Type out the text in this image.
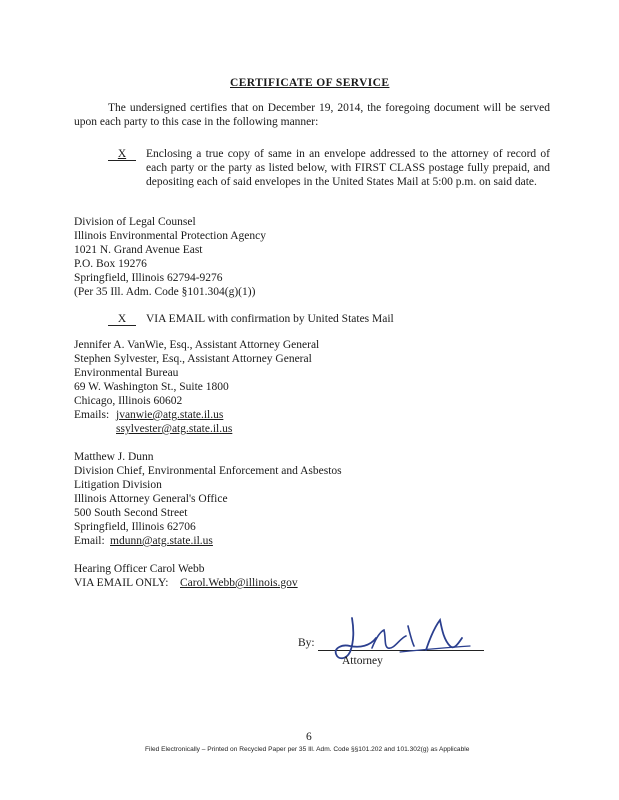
CERTIFICATE OF SERVICE
The undersigned certifies that on December 19, 2014, the foregoing document will be served upon each party to this case in the following manner:
X	Enclosing a true copy of same in an envelope addressed to the attorney of record of each party or the party as listed below, with FIRST CLASS postage fully prepaid, and depositing each of said envelopes in the United States Mail at 5:00 p.m. on said date.
Division of Legal Counsel
Illinois Environmental Protection Agency
1021 N. Grand Avenue East
P.O. Box 19276
Springfield, Illinois 62794-9276
(Per 35 Ill. Adm. Code §101.304(g)(1))
X	VIA EMAIL with confirmation by United States Mail
Jennifer A. VanWie, Esq., Assistant Attorney General
Stephen Sylvester, Esq., Assistant Attorney General
Environmental Bureau
69 W. Washington St., Suite 1800
Chicago, Illinois 60602
Emails: jvanwie@atg.state.il.us
ssylvester@atg.state.il.us
Matthew J. Dunn
Division Chief, Environmental Enforcement and Asbestos
Litigation Division
Illinois Attorney General's Office
500 South Second Street
Springfield, Illinois 62706
Email: mdunn@atg.state.il.us
Hearing Officer Carol Webb
VIA EMAIL ONLY: Carol.Webb@illinois.gov
By:
Attorney
6
Filed Electronically – Printed on Recycled Paper per 35 Ill. Adm. Code §§101.202 and 101.302(g) as Applicable
